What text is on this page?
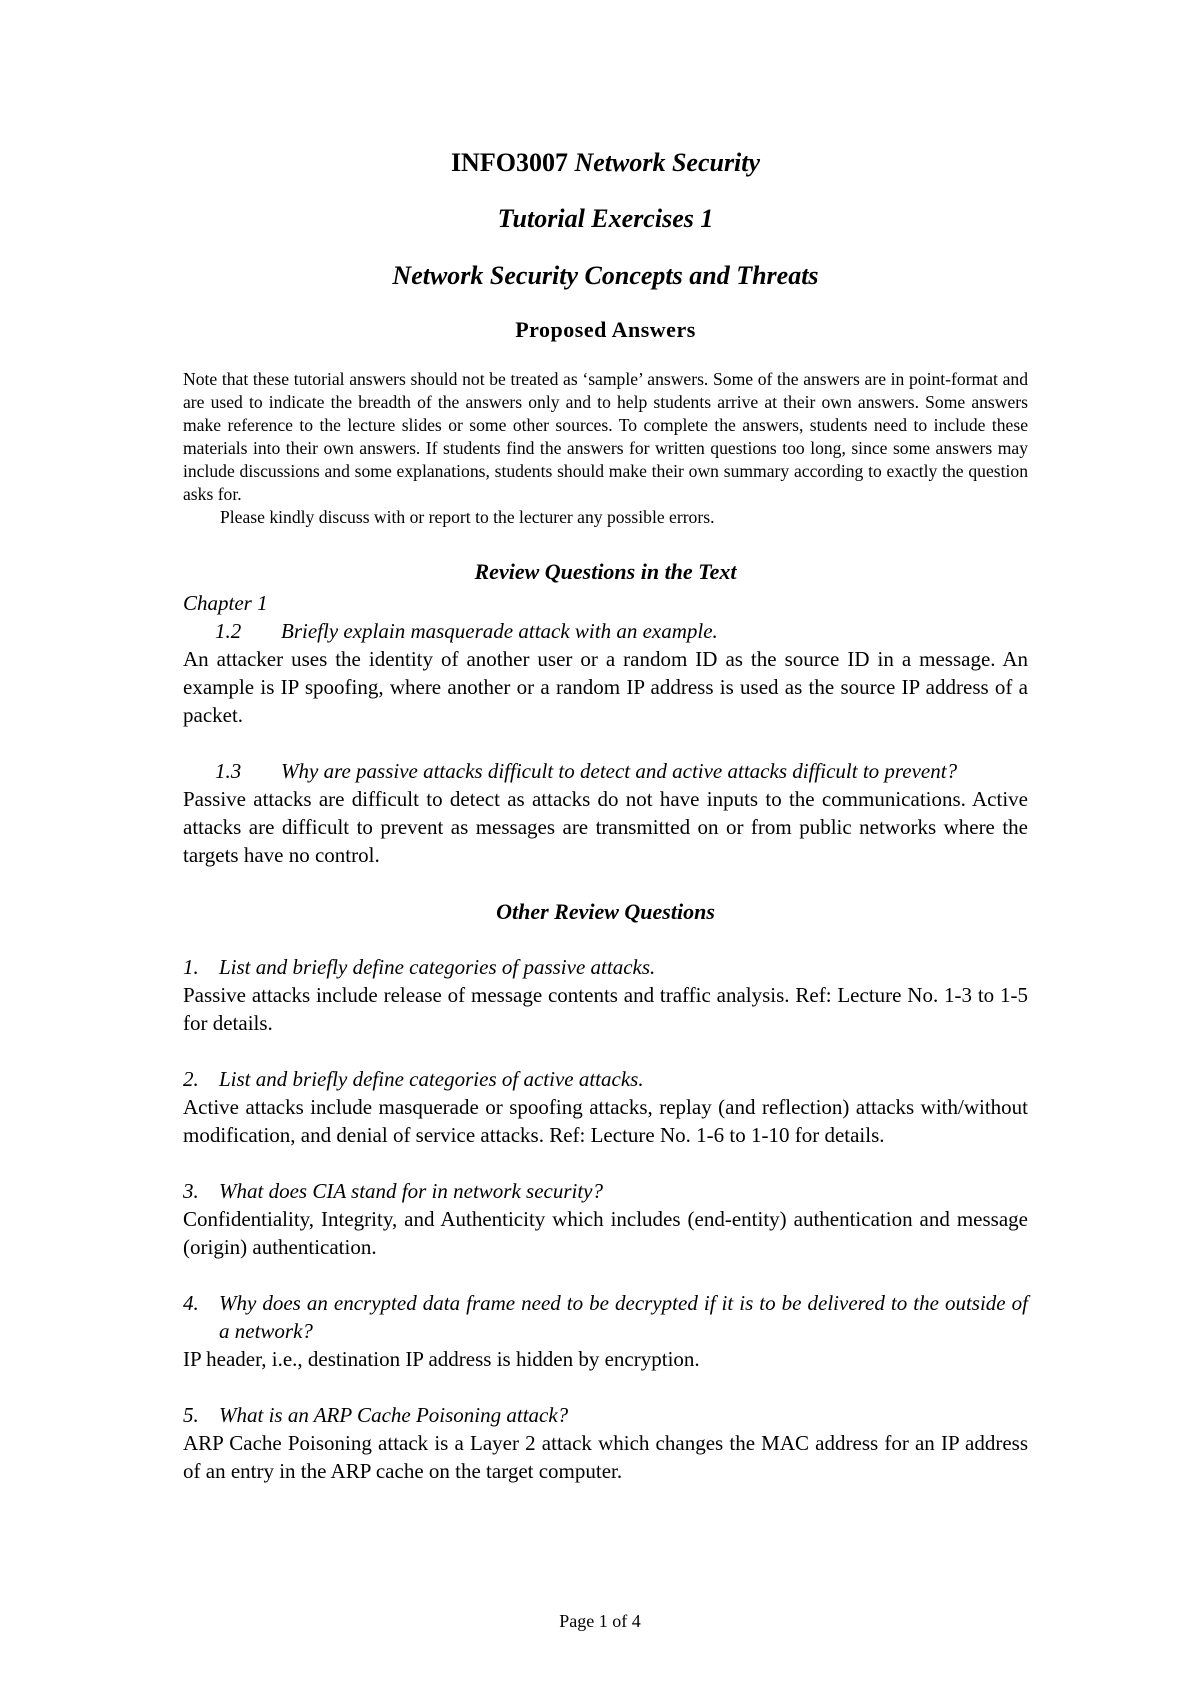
INFO3007 Network Security

Tutorial Exercises 1

Network Security Concepts and Threats

Proposed Answers

Note that these tutorial answers should not be treated as ‘sample’ answers. Some of the answers are in point-format and are used to indicate the breadth of the answers only and to help students arrive at their own answers. Some answers make reference to the lecture slides or some other sources. To complete the answers, students need to include these materials into their own answers. If students find the answers for written questions too long, since some answers may include discussions and some explanations, students should make their own summary according to exactly the question asks for.

Please kindly discuss with or report to the lecturer any possible errors.

Review Questions in the Text

Chapter 1

1.2	Briefly explain masquerade attack with an example.

An attacker uses the identity of another user or a random ID as the source ID in a message. An example is IP spoofing, where another or a random IP address is used as the source IP address of a packet.

1.3	Why are passive attacks difficult to detect and active attacks difficult to prevent?

Passive attacks are difficult to detect as attacks do not have inputs to the communications. Active attacks are difficult to prevent as messages are transmitted on or from public networks where the targets have no control.

Other Review Questions

1. List and briefly define categories of passive attacks.

Passive attacks include release of message contents and traffic analysis. Ref: Lecture No. 1-3 to 1-5 for details.

2. List and briefly define categories of active attacks.

Active attacks include masquerade or spoofing attacks, replay (and reflection) attacks with/without modification, and denial of service attacks. Ref: Lecture No. 1-6 to 1-10 for details.

3. What does CIA stand for in network security?

Confidentiality, Integrity, and Authenticity which includes (end-entity) authentication and message (origin) authentication.

4. Why does an encrypted data frame need to be decrypted if it is to be delivered to the outside of a network?

IP header, i.e., destination IP address is hidden by encryption.

5. What is an ARP Cache Poisoning attack?

ARP Cache Poisoning attack is a Layer 2 attack which changes the MAC address for an IP address of an entry in the ARP cache on the target computer.

Page 1 of 4
